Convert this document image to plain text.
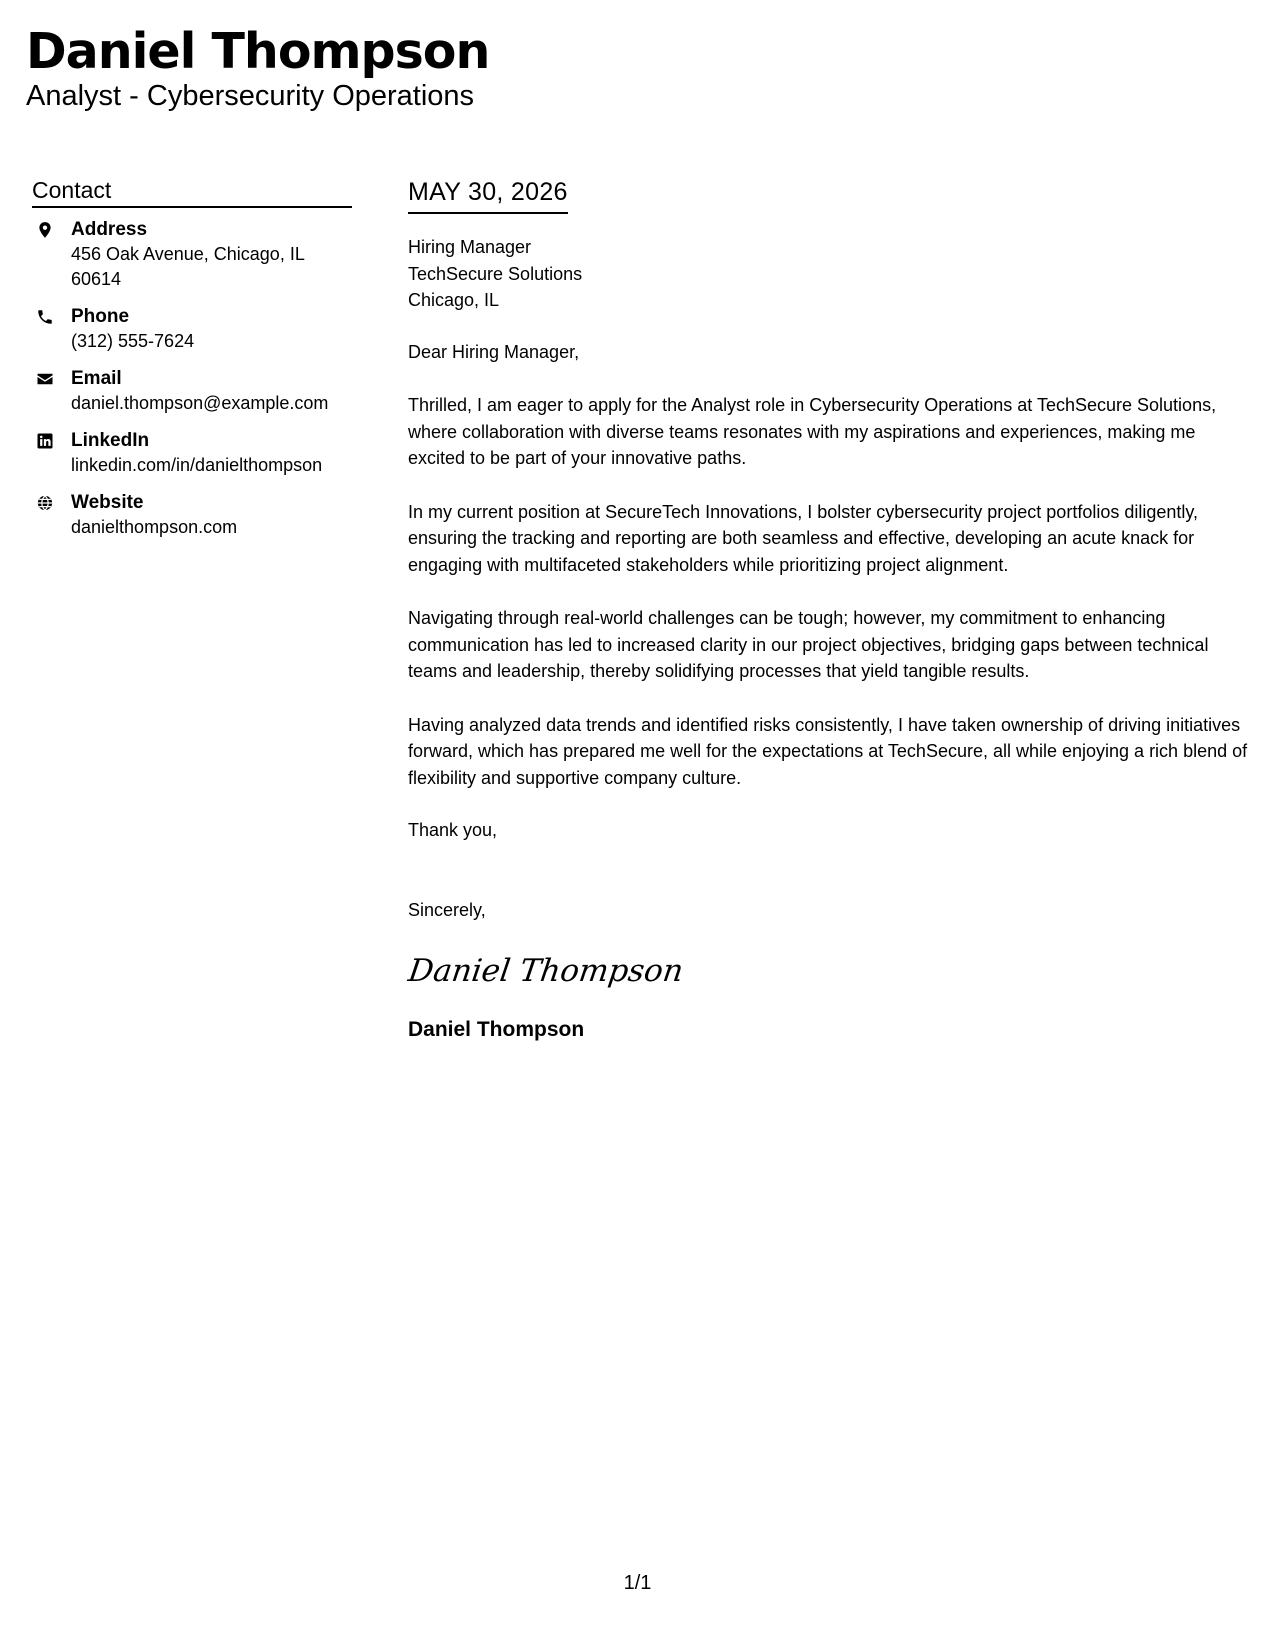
Daniel Thompson
Analyst - Cybersecurity Operations
Contact
Address
456 Oak Avenue, Chicago, IL
60614
Phone
(312) 555-7624
Email
daniel.thompson@example.com
LinkedIn
linkedin.com/in/danielthompson
Website
danielthompson.com
MAY 30, 2026
Hiring Manager
TechSecure Solutions
Chicago, IL

Dear Hiring Manager,

Thrilled, I am eager to apply for the Analyst role in Cybersecurity Operations at TechSecure Solutions, where collaboration with diverse teams resonates with my aspirations and experiences, making me excited to be part of your innovative paths.

In my current position at SecureTech Innovations, I bolster cybersecurity project portfolios diligently, ensuring the tracking and reporting are both seamless and effective, developing an acute knack for engaging with multifaceted stakeholders while prioritizing project alignment.

Navigating through real-world challenges can be tough; however, my commitment to enhancing communication has led to increased clarity in our project objectives, bridging gaps between technical teams and leadership, thereby solidifying processes that yield tangible results.

Having analyzed data trends and identified risks consistently, I have taken ownership of driving initiatives forward, which has prepared me well for the expectations at TechSecure, all while enjoying a rich blend of flexibility and supportive company culture.

Thank you,

Sincerely,

Daniel Thompson
Daniel Thompson
1/1
